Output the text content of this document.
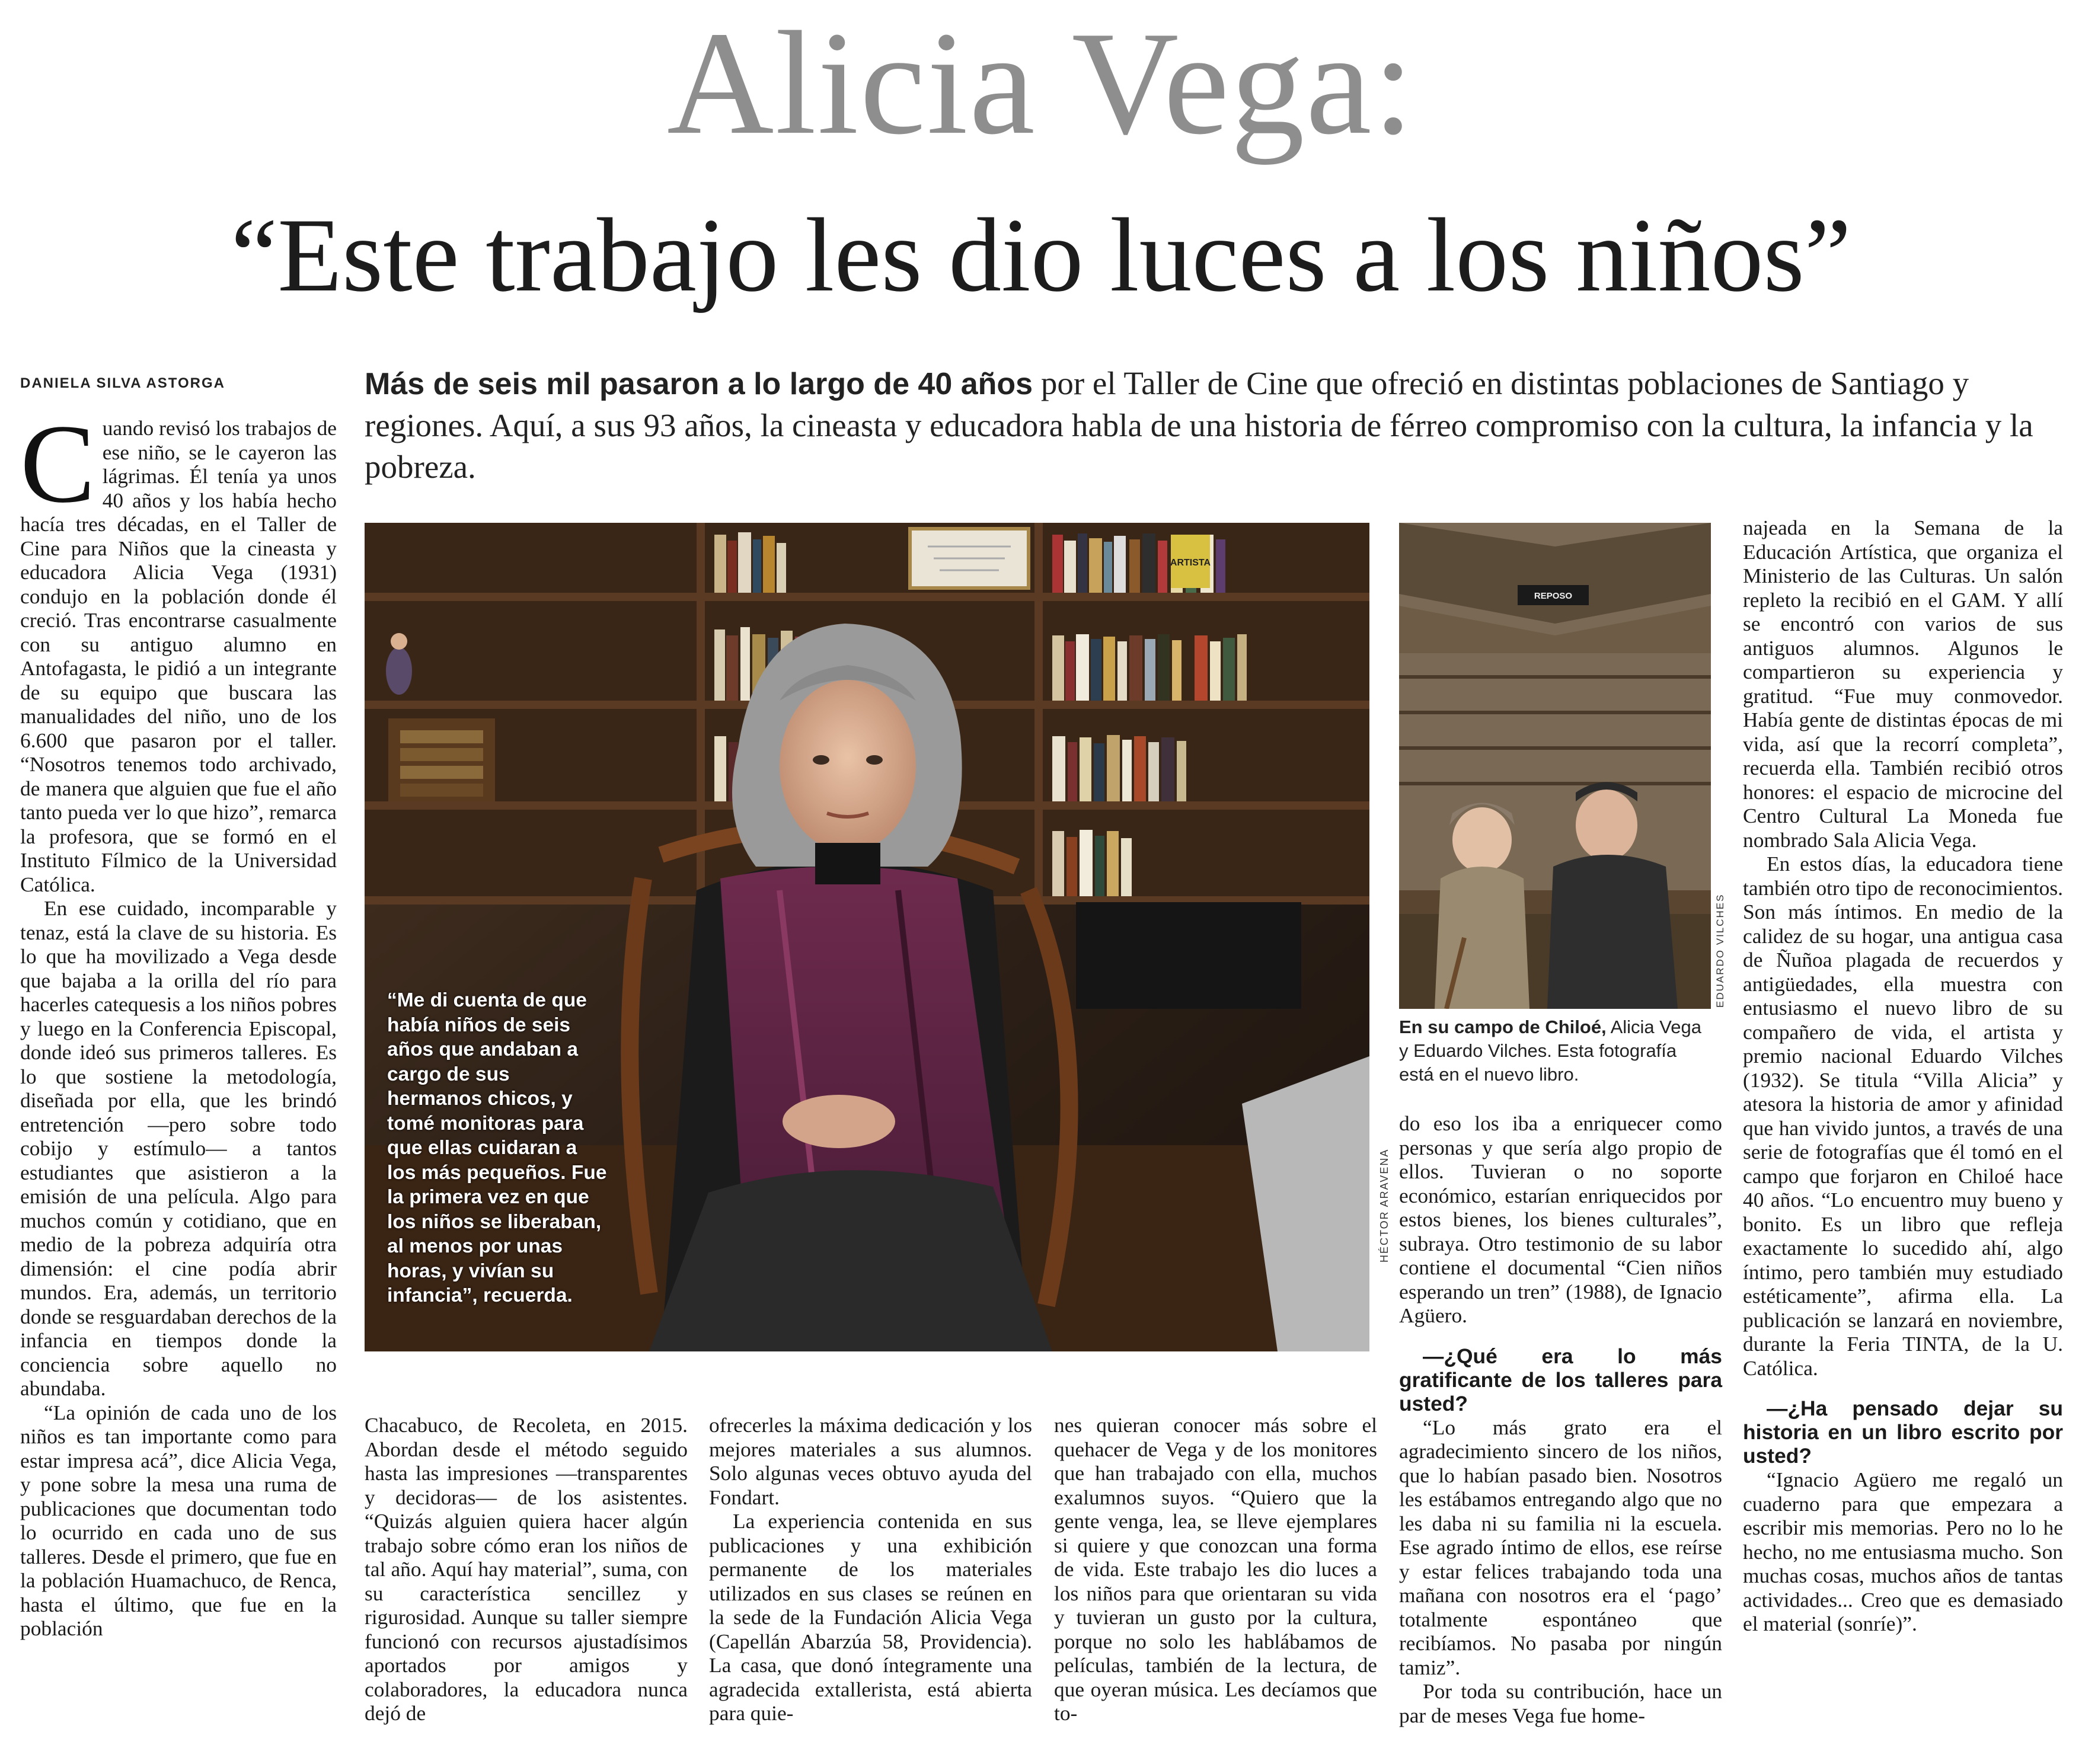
Alicia Vega:
“Este trabajo les dio luces a los niños”
DANIELA SILVA ASTORGA	Más de seis mil pasaron a lo largo de 40 años por el Taller de Cine que ofreció en distintas poblaciones de Santiago y regiones. Aquí, a sus 93 años, la cineasta y educadora habla de una historia de férreo compromiso con la cultura, la infancia y la pobreza.

Cuando revisó los trabajos de ese niño, se le cayeron las lágrimas. Él tenía ya unos 40 años y los había hecho hacía tres décadas, en el Taller de Cine para Niños que la cineasta y educadora Alicia Vega (1931) condujo en la población donde él creció. Tras encontrarse casualmente con su antiguo alumno en Antofagasta, le pidió a un integrante de su equipo que buscara las manualidades del niño, uno de los 6.600 que pasaron por el taller. “Nosotros tenemos todo archivado, de manera que alguien que fue el año tanto pueda ver lo que hizo”, remarca la profesora, que se formó en el Instituto Fílmico de la Universidad Católica.

En ese cuidado, incomparable y tenaz, está la clave de su historia. Es lo que ha movilizado a Vega desde que bajaba a la orilla del río para hacerles catequesis a los niños pobres y luego en la Conferencia Episcopal, donde ideó sus primeros talleres. Es lo que sostiene la metodología, diseñada por ella, que les brindó entretención —pero sobre todo cobijo y estímulo— a tantos estudiantes que asistieron a la emisión de una película. Algo para muchos común y cotidiano, que en medio de la pobreza adquiría otra dimensión: el cine podía abrir mundos. Era, además, un territorio donde se resguardaban derechos de la infancia en tiempos donde la conciencia sobre aquello no abundaba.

“La opinión de cada uno de los niños es tan importante como para estar impresa acá”, dice Alicia Vega, y pone sobre la mesa una ruma de publicaciones que documentan todo lo ocurrido en cada uno de sus talleres. Desde el primero, que fue en la población Huamachuco, de Renca, hasta el último, que fue en la población

ARTISTA
“Me di cuenta de que había niños de seis años que andaban a cargo de sus hermanos chicos, y tomé monitoras para que ellas cuidaran a los más pequeños. Fue la primera vez en que los niños se liberaban, al menos por unas horas, y vivían su infancia”, recuerda.
HÉCTOR ARAVENA
REPOSO
EDUARDO VILCHES
En su campo de Chiloé, Alicia Vega y Eduardo Vilches. Esta fotografía está en el nuevo libro.

Chacabuco, de Recoleta, en 2015. Abordan desde el método seguido hasta las impresiones —transparentes y decidoras— de los asistentes. “Quizás alguien quiera hacer algún trabajo sobre cómo eran los niños de tal año. Aquí hay material”, suma, con su característica sencillez y rigurosidad. Aunque su taller siempre funcionó con recursos ajustadísimos aportados por amigos y colaboradores, la educadora nunca dejó de

ofrecerles la máxima dedicación y los mejores materiales a sus alumnos. Solo algunas veces obtuvo ayuda del Fondart.

La experiencia contenida en sus publicaciones y una exhibición permanente de los materiales utilizados en sus clases se reúnen en la sede de la Fundación Alicia Vega (Capellán Abarzúa 58, Providencia). La casa, que donó íntegramente una agradecida extallerista, está abierta para quie-

nes quieran conocer más sobre el quehacer de Vega y de los monitores que han trabajado con ella, muchos exalumnos suyos. “Quiero que la gente venga, lea, se lleve ejemplares si quiere y que conozcan una forma de vida. Este trabajo les dio luces a los niños para que orientaran su vida y tuvieran un gusto por la cultura, porque no solo les hablábamos de películas, también de la lectura, de que oyeran música. Les decíamos que to-

do eso los iba a enriquecer como personas y que sería algo propio de ellos. Tuvieran o no soporte económico, estarían enriquecidos por estos bienes, los bienes culturales”, subraya. Otro testimonio de su labor contiene el documental “Cien niños esperando un tren” (1988), de Ignacio Agüero.

—¿Qué era lo más gratificante de los talleres para usted?

“Lo más grato era el agradecimiento sincero de los niños, que lo habían pasado bien. Nosotros les estábamos entregando algo que no les daba ni su familia ni la escuela. Ese agrado íntimo de ellos, ese reírse y estar felices trabajando toda una mañana con nosotros era el ‘pago’ totalmente espontáneo que recibíamos. No pasaba por ningún tamiz”.

Por toda su contribución, hace un par de meses Vega fue home-

najeada en la Semana de la Educación Artística, que organiza el Ministerio de las Culturas. Un salón repleto la recibió en el GAM. Y allí se encontró con varios de sus antiguos alumnos. Algunos le compartieron su experiencia y gratitud. “Fue muy conmovedor. Había gente de distintas épocas de mi vida, así que la recorrí completa”, recuerda ella. También recibió otros honores: el espacio de microcine del Centro Cultural La Moneda fue nombrado Sala Alicia Vega.

En estos días, la educadora tiene también otro tipo de reconocimientos. Son más íntimos. En medio de la calidez de su hogar, una antigua casa de Ñuñoa plagada de recuerdos y antigüedades, ella muestra con entusiasmo el nuevo libro de su compañero de vida, el artista y premio nacional Eduardo Vilches (1932). Se titula “Villa Alicia” y atesora la historia de amor y afinidad que han vivido juntos, a través de una serie de fotografías que él tomó en el campo que forjaron en Chiloé hace 40 años. “Lo encuentro muy bueno y bonito. Es un libro que refleja exactamente lo sucedido ahí, algo íntimo, pero también muy estudiado estéticamente”, afirma ella. La publicación se lanzará en noviembre, durante la Feria TINTA, de la U. Católica.

—¿Ha pensado dejar su historia en un libro escrito por usted?

“Ignacio Agüero me regaló un cuaderno para que empezara a escribir mis memorias. Pero no lo he hecho, no me entusiasma mucho. Son muchas cosas, muchos años de tantas actividades... Creo que es demasiado el material (sonríe)”.
